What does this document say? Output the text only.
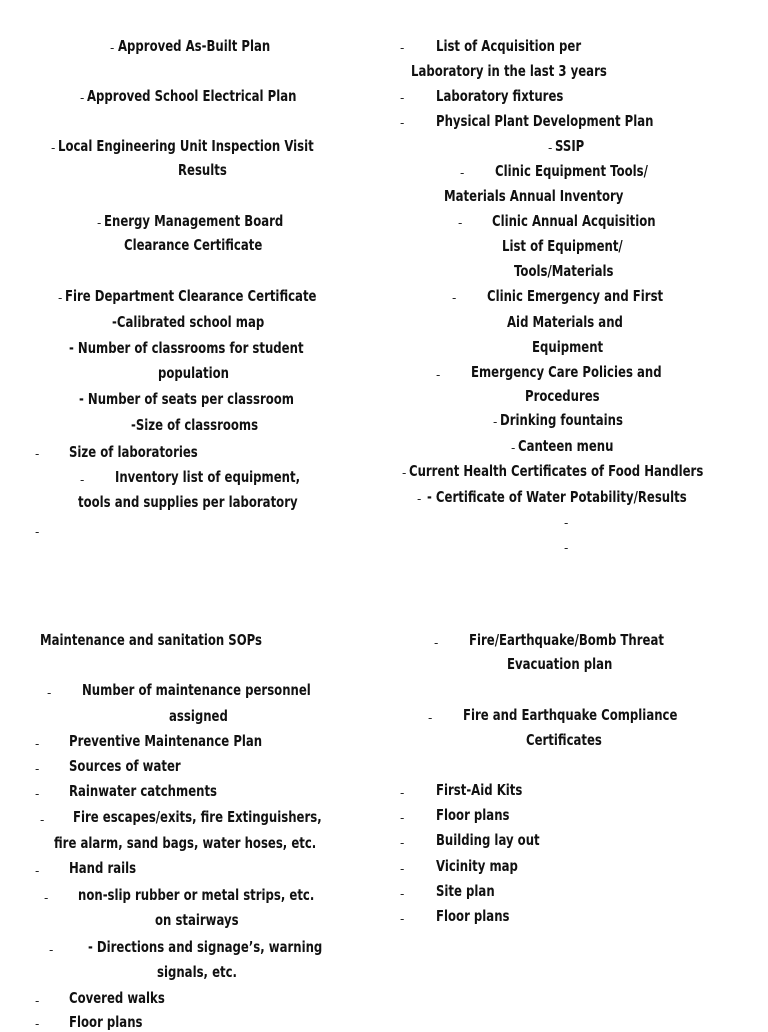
- Approved As-Built Plan
- Approved School Electrical Plan
- Local Engineering Unit Inspection Visit
Results
- Energy Management Board
Clearance Certificate
- Fire Department Clearance Certificate
-Calibrated school map
- Number of classrooms for student
population
- Number of seats per classroom
-Size of classrooms
- Size of laboratories
- Inventory list of equipment,
tools and supplies per laboratory
-
- List of Acquisition per
Laboratory in the last 3 years
- Laboratory fixtures
- Physical Plant Development Plan
- SSIP
- Clinic Equipment Tools/
Materials Annual Inventory
- Clinic Annual Acquisition
List of Equipment/
Tools/Materials
- Clinic Emergency and First
Aid Materials and
Equipment
- Emergency Care Policies and
Procedures
- Drinking fountains
- Canteen menu
- Current Health Certificates of Food Handlers
- - Certificate of Water Potability/Results
-
-
Maintenance and sanitation SOPs
- Number of maintenance personnel
assigned
- Preventive Maintenance Plan
- Sources of water
- Rainwater catchments
- Fire escapes/exits, fire Extinguishers,
fire alarm, sand bags, water hoses, etc.
- Hand rails
- non-slip rubber or metal strips, etc.
on stairways
- - Directions and signage’s, warning
signals, etc.
- Covered walks
- Floor plans
- Fire/Earthquake/Bomb Threat
Evacuation plan
- Fire and Earthquake Compliance
Certificates
- First-Aid Kits
- Floor plans
- Building lay out
- Vicinity map
- Site plan
- Floor plans
